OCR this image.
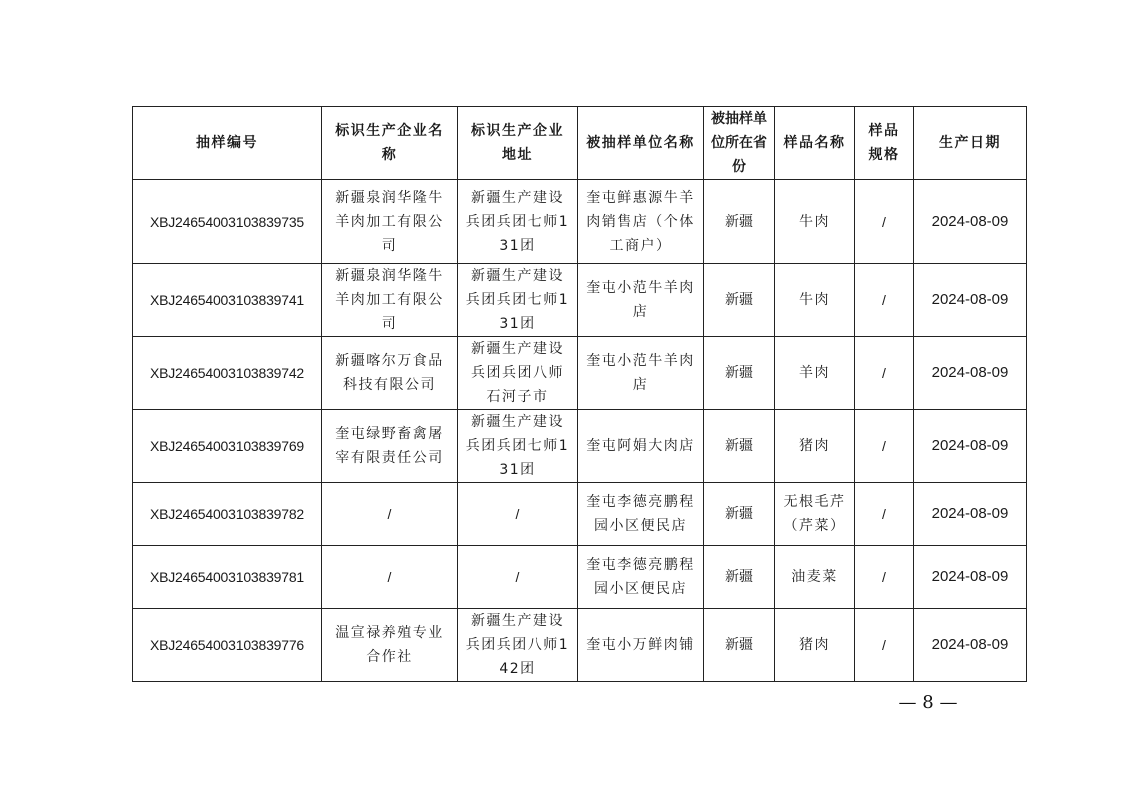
抽样编号	标识生产企业名称	标识生产企业地址	被抽样单位名称	被抽样单位所在省份	样品名称	样品规格	生产日期

XBJ24654003103839735	新疆泉润华隆牛羊肉加工有限公司	新疆生产建设兵团兵团七师131团	奎屯鲜惠源牛羊肉销售店（个体工商户）	新疆	牛肉	/	2024-08-09
XBJ24654003103839741	新疆泉润华隆牛羊肉加工有限公司	新疆生产建设兵团兵团七师131团	奎屯小范牛羊肉店	新疆	牛肉	/	2024-08-09
XBJ24654003103839742	新疆喀尔万食品科技有限公司	新疆生产建设兵团兵团八师石河子市	奎屯小范牛羊肉店	新疆	羊肉	/	2024-08-09
XBJ24654003103839769	奎屯绿野畜禽屠宰有限责任公司	新疆生产建设兵团兵团七师131团	奎屯阿娟大肉店	新疆	猪肉	/	2024-08-09
XBJ24654003103839782	/	/	奎屯李德亮鹏程园小区便民店	新疆	无根毛芹（芹菜）	/	2024-08-09
XBJ24654003103839781	/	/	奎屯李德亮鹏程园小区便民店	新疆	油麦菜	/	2024-08-09
XBJ24654003103839776	温宣禄养殖专业合作社	新疆生产建设兵团兵团八师142团	奎屯小万鲜肉铺	新疆	猪肉	/	2024-08-09
— 8 —
